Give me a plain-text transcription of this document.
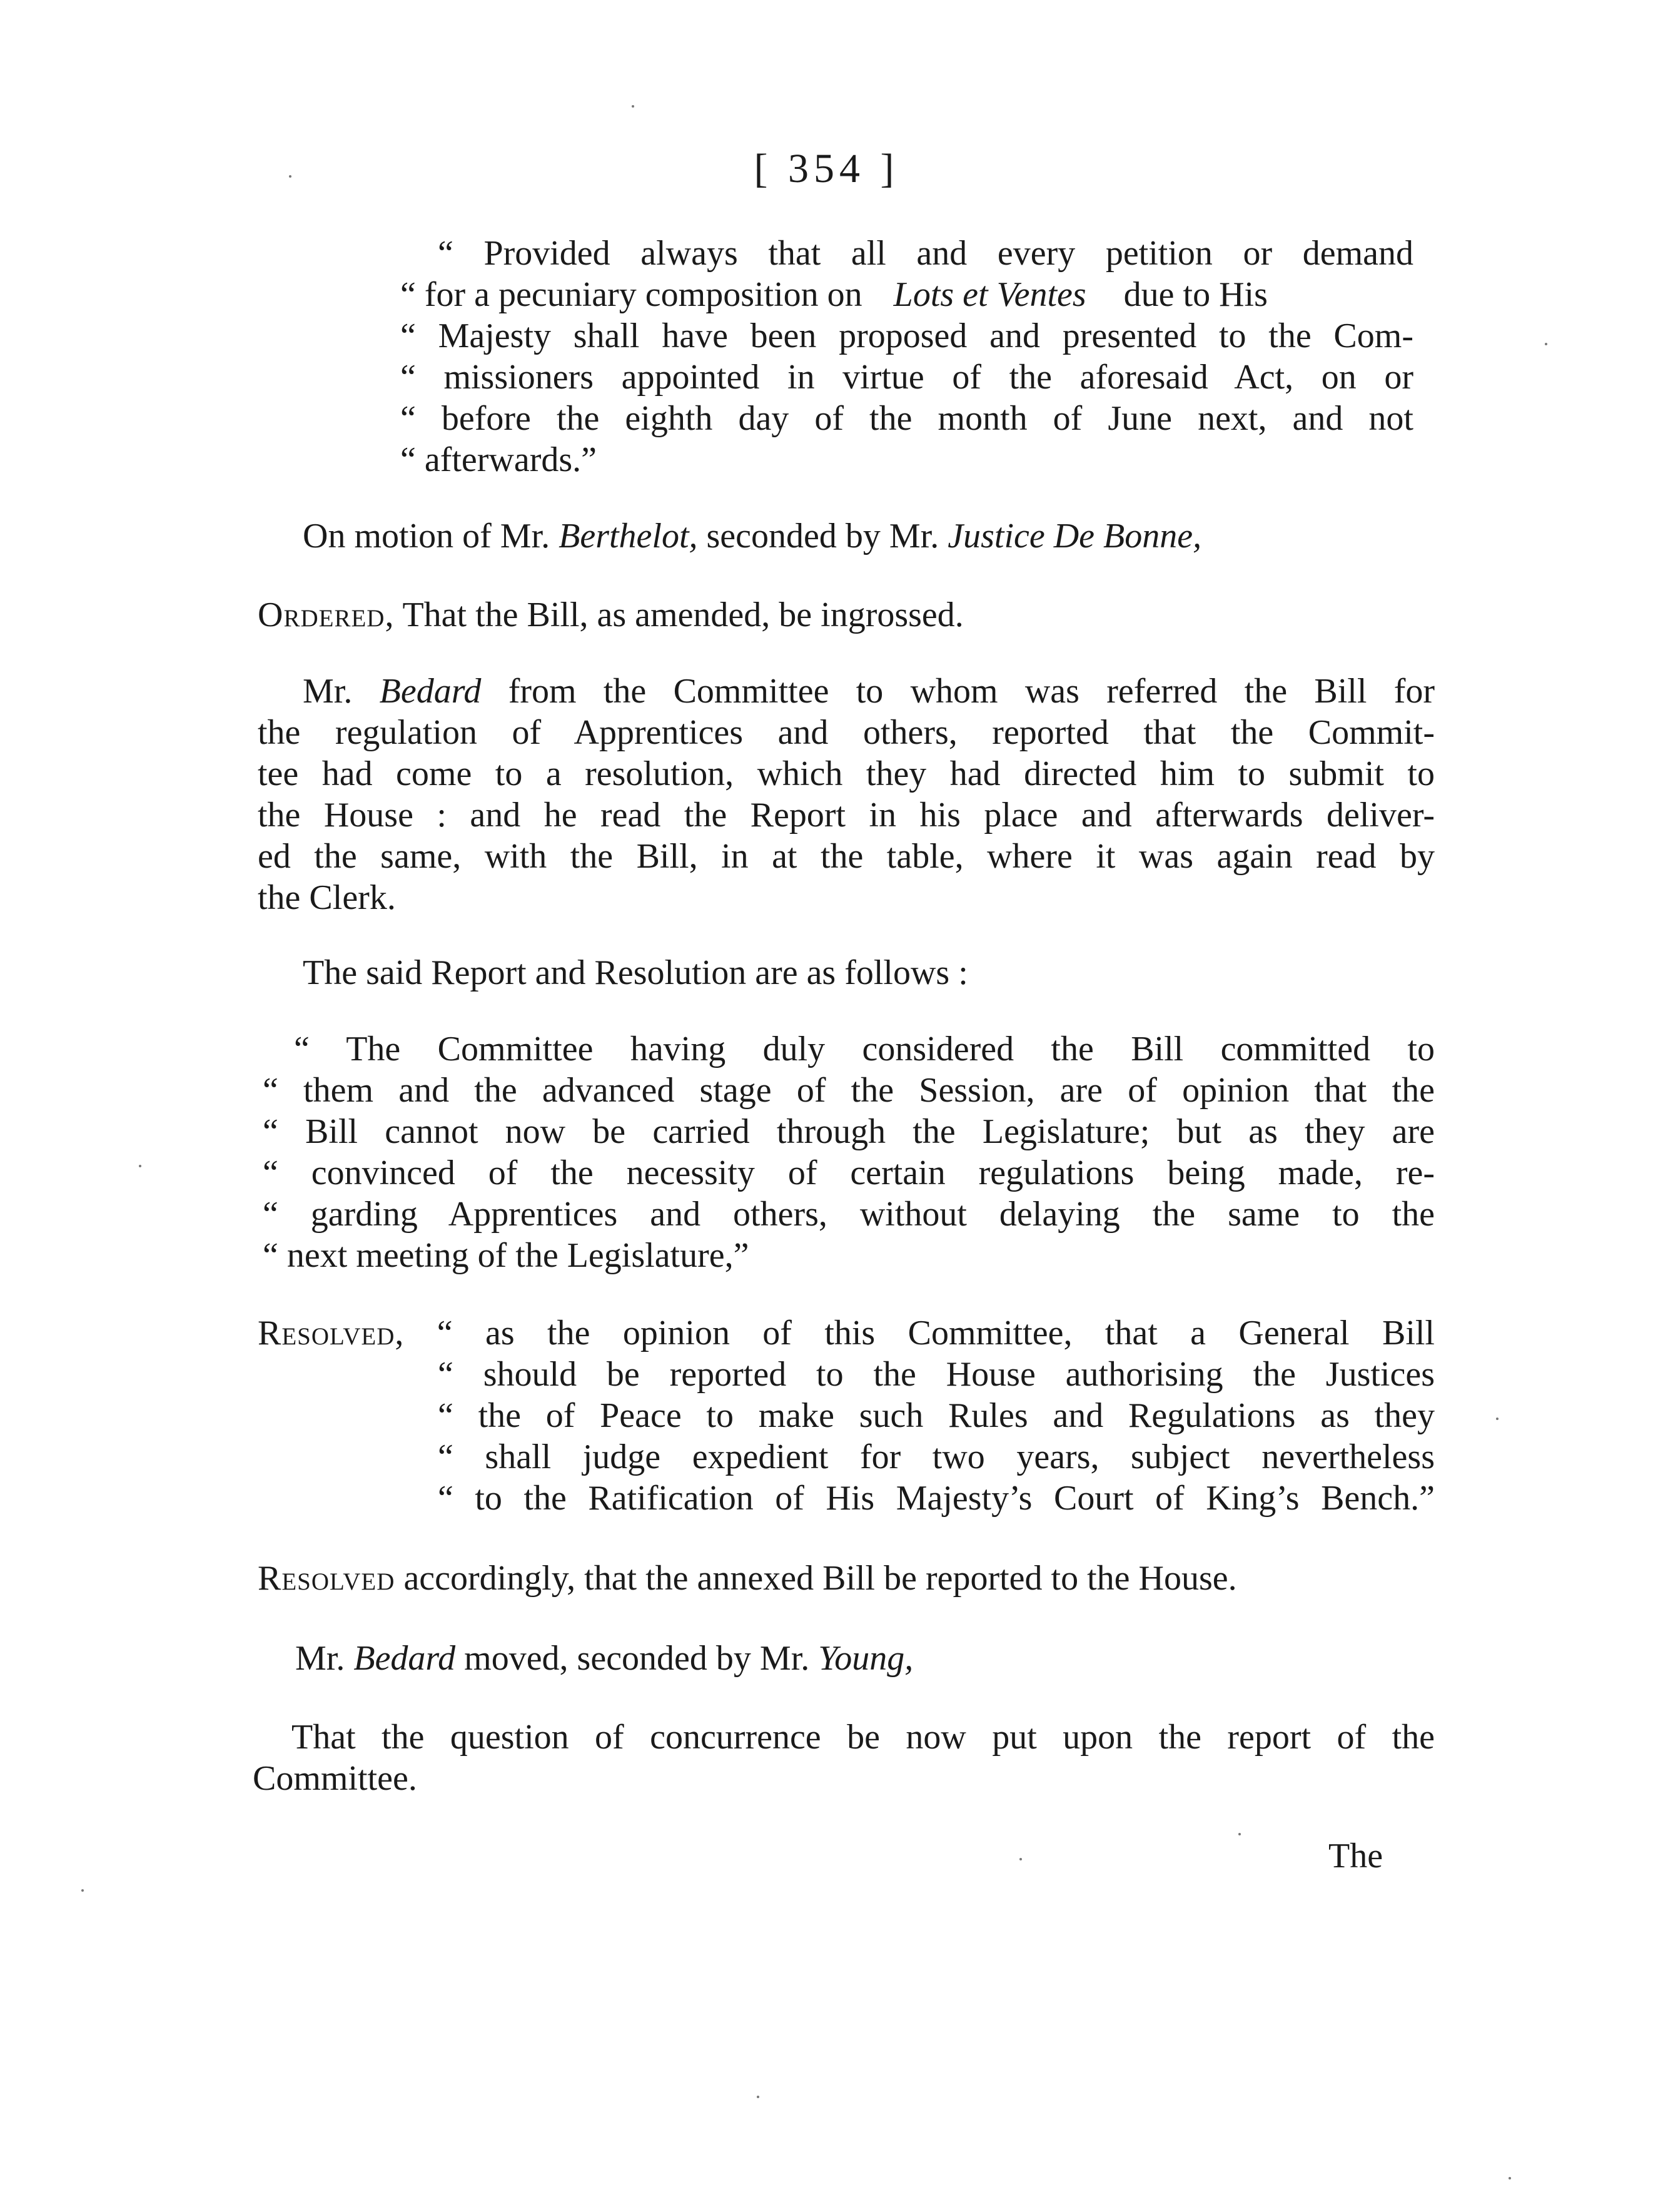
[ 354 ]
“ Provided always that all and every petition or demand
“ for a pecuniary composition on Lots et Ventes due to His
“ Majesty shall have been proposed and presented to the Com-
“ missioners appointed in virtue of the aforesaid Act, on or
“ before the eighth day of the month of June next, and not
“ afterwards.”
On motion of Mr. Berthelot, seconded by Mr. Justice De Bonne,
Ordered, That the Bill, as amended, be ingrossed.
Mr. Bedard from the Committee to whom was referred the Bill for
the regulation of Apprentices and others, reported that the Commit-
tee had come to a resolution, which they had directed him to submit to
the House : and he read the Report in his place and afterwards deliver-
ed the same, with the Bill, in at the table, where it was again read by
the Clerk.
The said Report and Resolution are as follows :
“ The Committee having duly considered the Bill committed to
“ them and the advanced stage of the Session, are of opinion that the
“ Bill cannot now be carried through the Legislature; but as they are
“ convinced of the necessity of certain regulations being made, re-
“ garding Apprentices and others, without delaying the same to the
“ next meeting of the Legislature,”
Resolved, “ as the opinion of this Committee, that a General Bill
“ should be reported to the House authorising the Justices
“ the of Peace to make such Rules and Regulations as they
“ shall judge expedient for two years, subject nevertheless
“ to the Ratification of His Majesty’s Court of King’s Bench.”
Resolved accordingly, that the annexed Bill be reported to the House.
Mr. Bedard moved, seconded by Mr. Young,
That the question of concurrence be now put upon the report of the
Committee.
The
